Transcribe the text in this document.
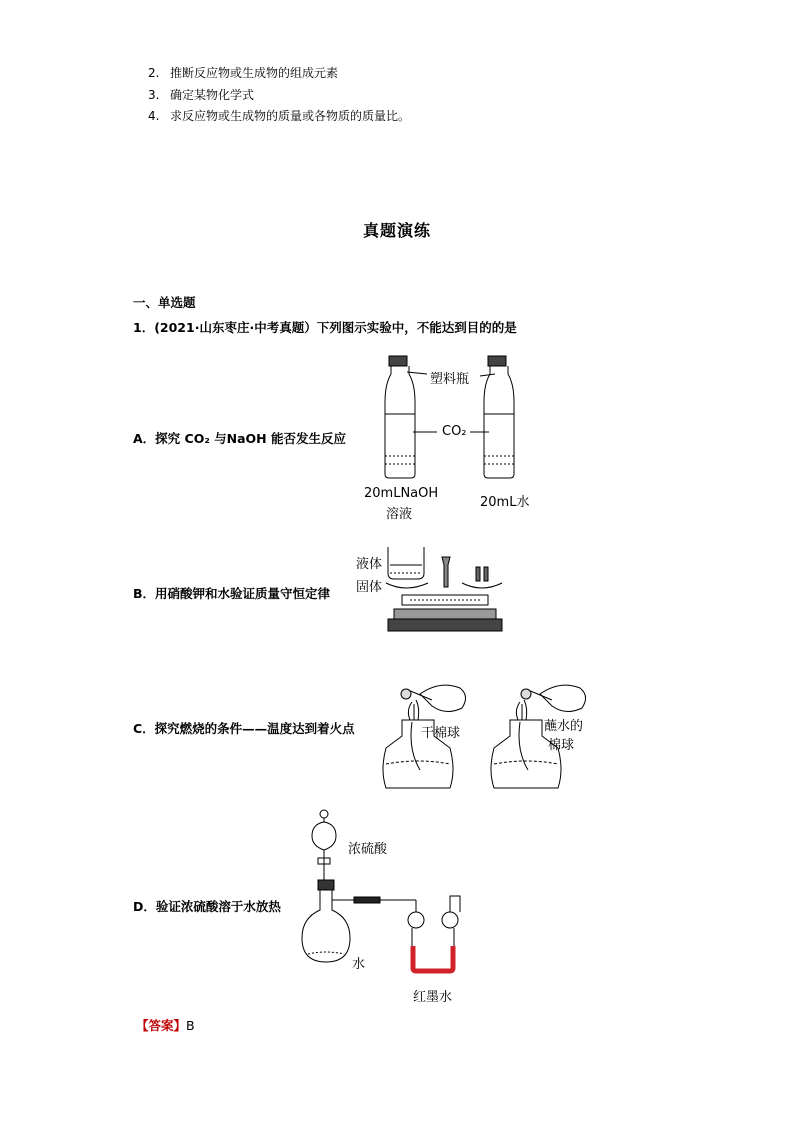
2. 推断反应物或生成物的组成元素
3. 确定某物化学式
4. 求反应物或生成物的质量或各物质的质量比。
真题演练
一、单选题
1．(2021·山东枣庄·中考真题）下列图示实验中，不能达到目的的是
A．探究 CO₂ 与NaOH 能否发生反应
塑料瓶
CO₂
20mLNaOH
溶液
20mL水
B．用硝酸钾和水验证质量守恒定律
液体
固体
C．探究燃烧的条件——温度达到着火点	干棉球	蘸水的
棉球
D．验证浓硫酸溶于水放热
浓硫酸
水
红墨水
【答案】B
